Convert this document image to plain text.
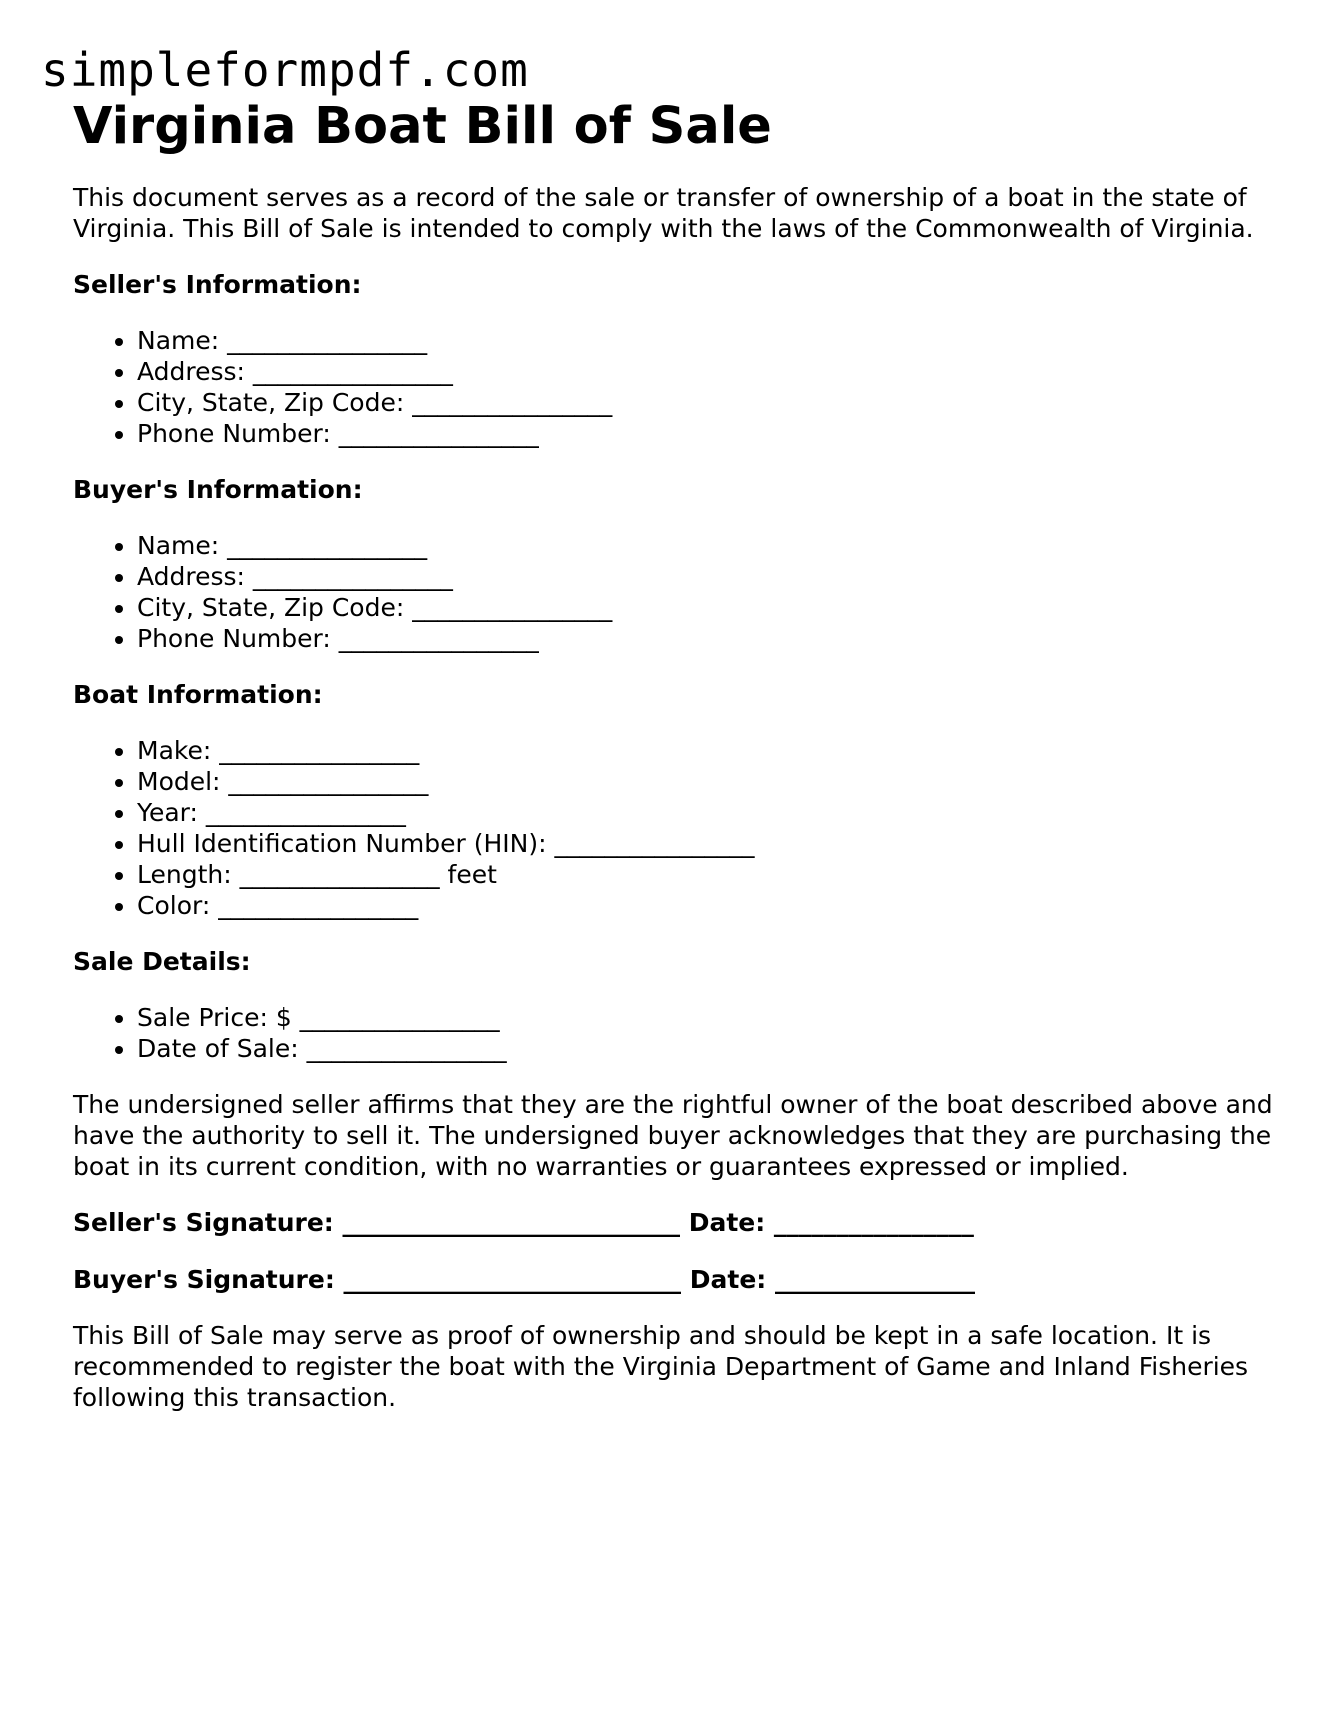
simpleformpdf.com
Virginia Boat Bill of Sale

This document serves as a record of the sale or transfer of ownership of a boat in the state of Virginia. This Bill of Sale is intended to comply with the laws of the Commonwealth of Virginia.

Seller's Information:

• Name: ________________
• Address: ________________
• City, State, Zip Code: ________________
• Phone Number: ________________

Buyer's Information:

• Name: ________________
• Address: ________________
• City, State, Zip Code: ________________
• Phone Number: ________________

Boat Information:

• Make: ________________
• Model: ________________
• Year: ________________
• Hull Identification Number (HIN): ________________
• Length: ________________ feet
• Color: ________________

Sale Details:

• Sale Price: $ ________________
• Date of Sale: ________________

The undersigned seller affirms that they are the rightful owner of the boat described above and have the authority to sell it. The undersigned buyer acknowledges that they are purchasing the boat in its current condition, with no warranties or guarantees expressed or implied.

Seller's Signature: ___________________________ Date: ________________

Buyer's Signature: ___________________________ Date: ________________

This Bill of Sale may serve as proof of ownership and should be kept in a safe location. It is recommended to register the boat with the Virginia Department of Game and Inland Fisheries following this transaction.
